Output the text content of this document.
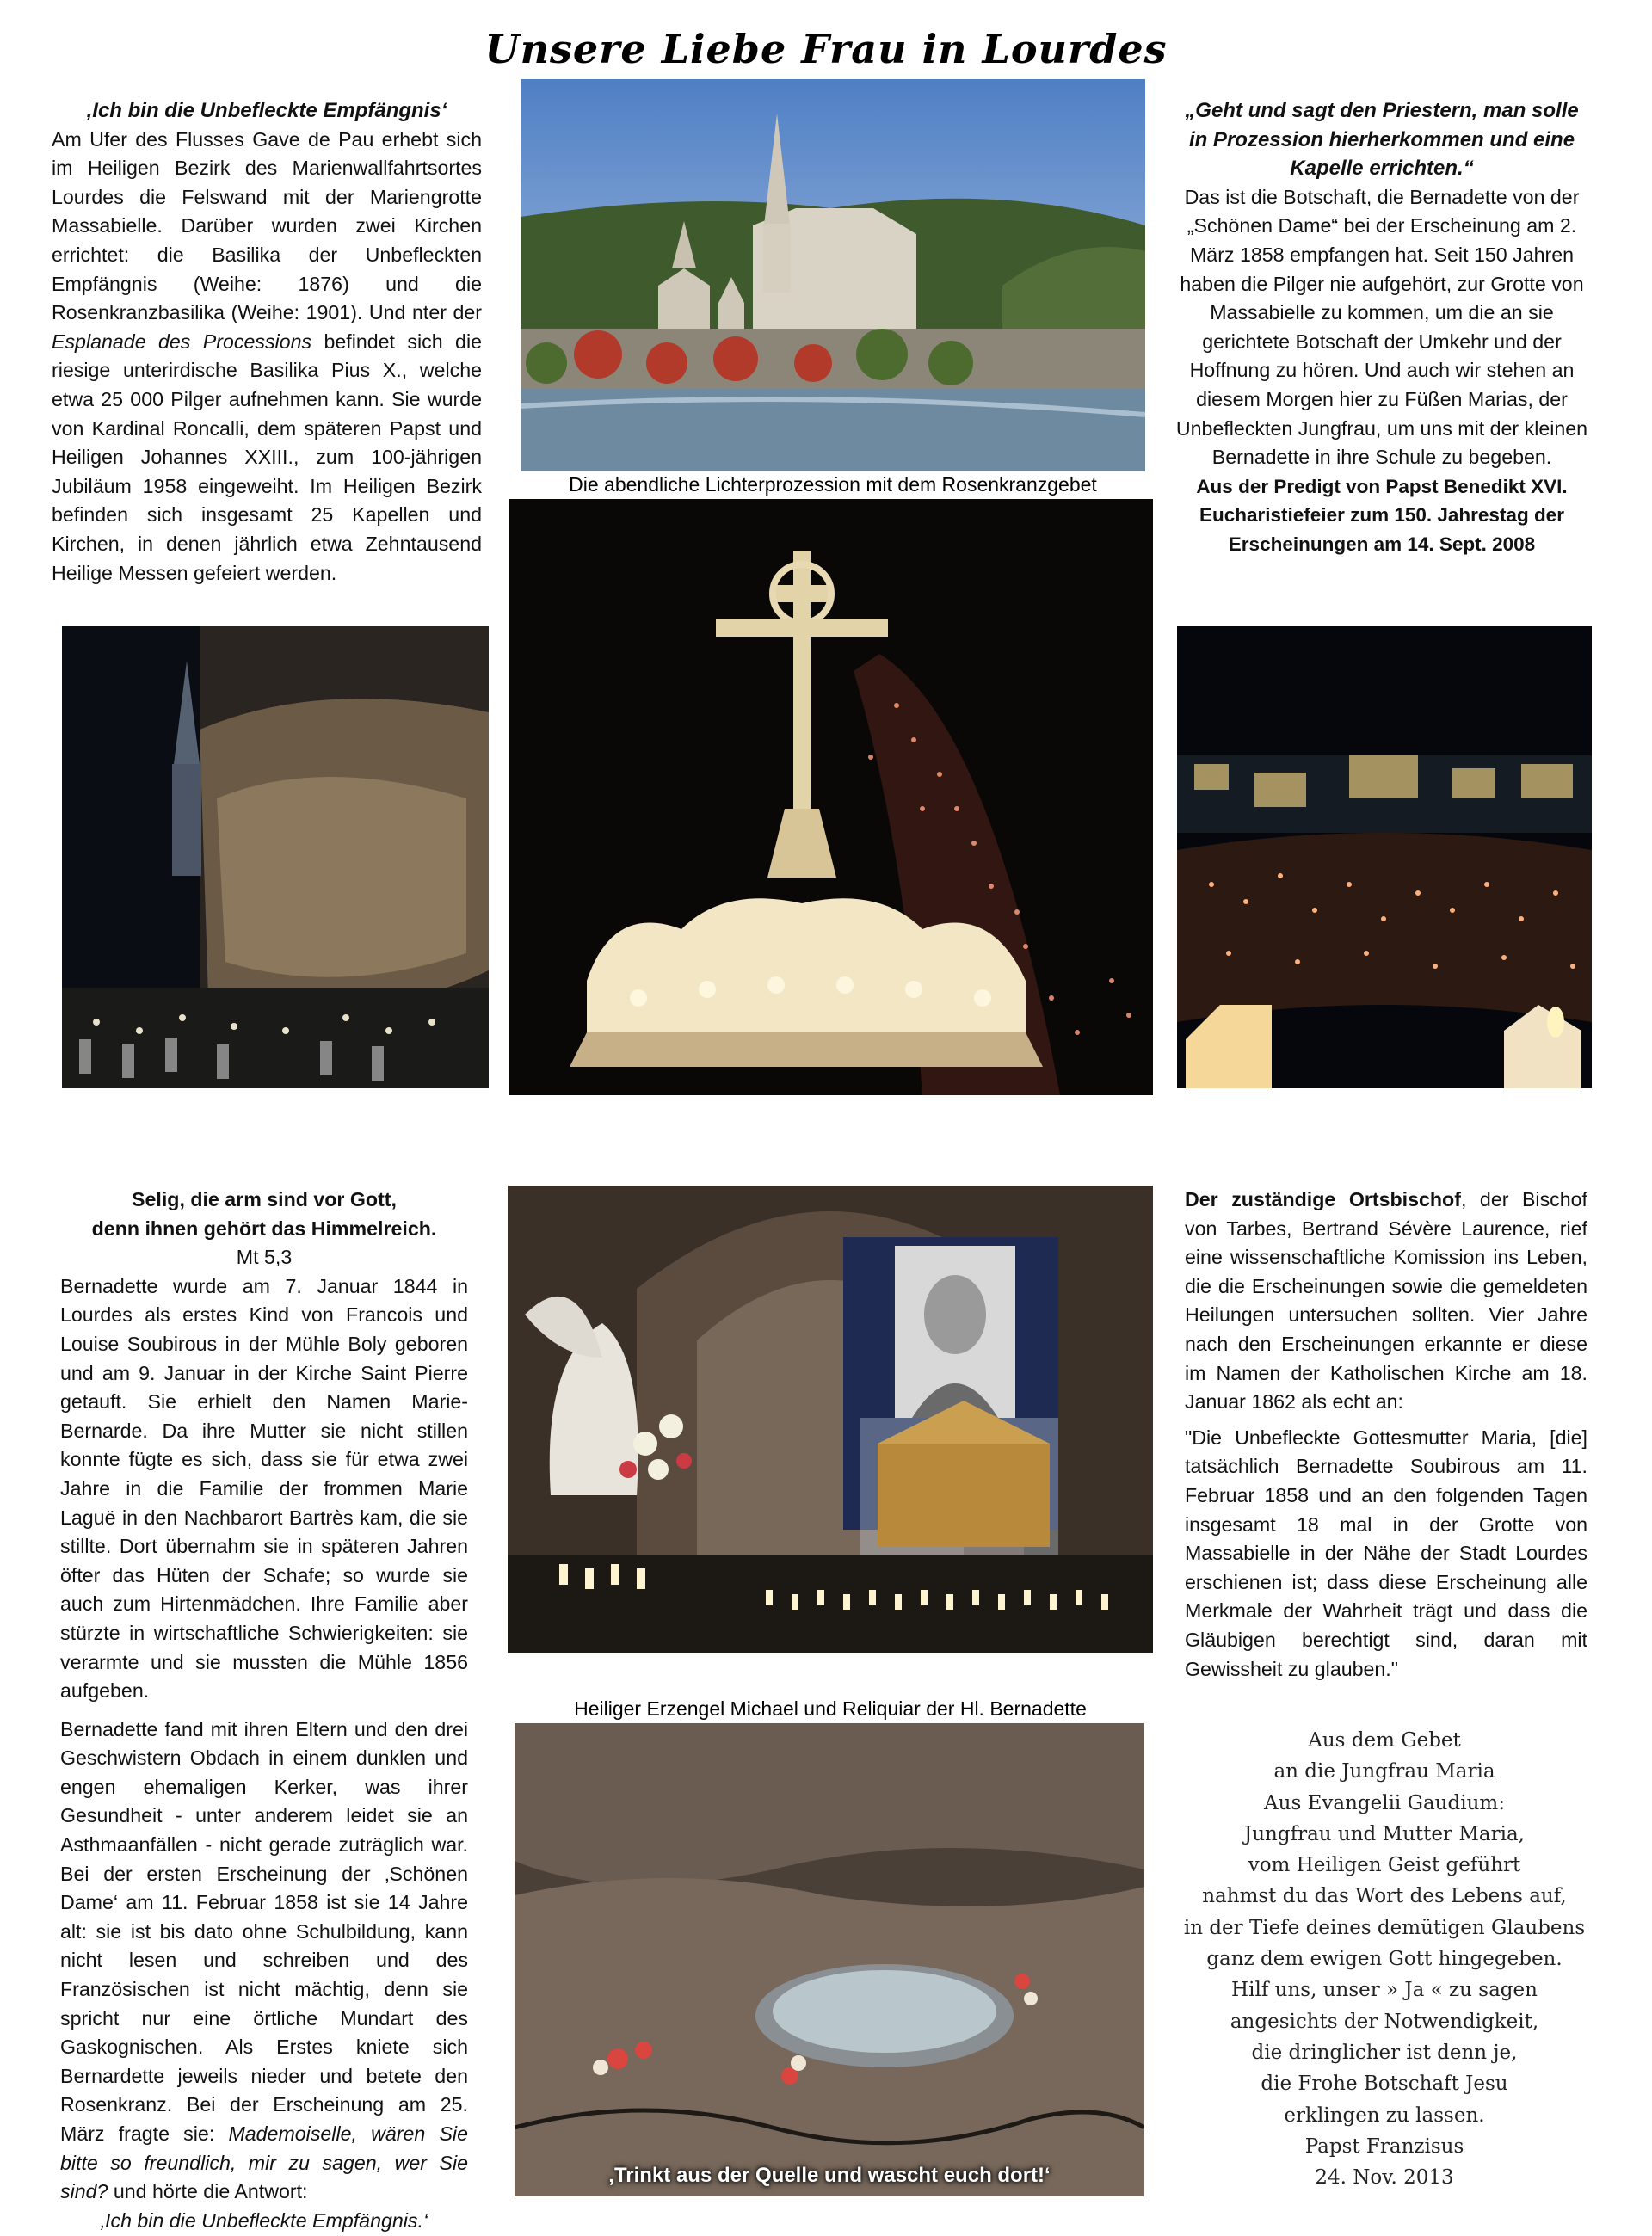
Unsere Liebe Frau in Lourdes

‚Ich bin die Unbefleckte Empfängnis‘

Am Ufer des Flusses Gave de Pau erhebt sich im Heiligen Bezirk des Marienwallfahrtsortes Lourdes die Felswand mit der Mariengrotte Massabielle. Darüber wurden zwei Kirchen errichtet: die Basilika der Unbefleckten Empfängnis (Weihe: 1876) und die Rosenkranzbasilika (Weihe: 1901). Und nter der Esplanade des Processions befindet sich die riesige unterirdische Basilika Pius X., welche etwa 25 000 Pilger aufnehmen kann. Sie wurde von Kardinal Roncalli, dem späteren Papst und Heiligen Johannes XXIII., zum 100-jährigen Jubiläum 1958 eingeweiht. Im Heiligen Bezirk befinden sich insgesamt 25 Kapellen und Kirchen, in denen jährlich etwa Zehntausend Heilige Messen gefeiert werden.

Die abendliche Lichterprozession mit dem Rosenkranzgebet

„Geht und sagt den Priestern, man solle in Prozession hierherkommen und eine Kapelle errichten.“

Das ist die Botschaft, die Bernadette von der „Schönen Dame“ bei der Erscheinung am 2. März 1858 empfangen hat. Seit 150 Jahren haben die Pilger nie aufgehört, zur Grotte von Massabielle zu kommen, um die an sie gerichtete Botschaft der Umkehr und der Hoffnung zu hören. Und auch wir stehen an diesem Morgen hier zu Füßen Marias, der Unbefleckten Jungfrau, um uns mit der kleinen Bernadette in ihre Schule zu begeben.

Aus der Predigt von Papst Benedikt XVI.

Eucharistiefeier zum 150. Jahrestag der

Erscheinungen am 14. Sept. 2008

Selig, die arm sind vor Gott,

denn ihnen gehört das Himmelreich.

Mt 5,3

Bernadette wurde am 7. Januar 1844 in Lourdes als erstes Kind von Francois und Louise Soubirous in der Mühle Boly geboren und am 9. Januar in der Kirche Saint Pierre getauft. Sie erhielt den Namen Marie-Bernarde. Da ihre Mutter sie nicht stillen konnte fügte es sich, dass sie für etwa zwei Jahre in die Familie der frommen Marie Laguë in den Nachbarort Bartrès kam, die sie stillte. Dort übernahm sie in späteren Jahren öfter das Hüten der Schafe; so wurde sie auch zum Hirtenmädchen. Ihre Familie aber stürzte in wirtschaftliche Schwierigkeiten: sie verarmte und sie mussten die Mühle 1856 aufgeben.

Bernadette fand mit ihren Eltern und den drei Geschwistern Obdach in einem dunklen und engen ehemaligen Kerker, was ihrer Gesundheit - unter anderem leidet sie an Asthmaanfällen - nicht gerade zuträglich war. Bei der ersten Erscheinung der ‚Schönen Dame‘ am 11. Februar 1858 ist sie 14 Jahre alt: sie ist bis dato ohne Schulbildung, kann nicht lesen und schreiben und des Französischen ist nicht mächtig, denn sie spricht nur eine örtliche Mundart des Gaskognischen. Als Erstes kniete sich Bernardette jeweils nieder und betete den Rosenkranz. Bei der Erscheinung am 25. März fragte sie: Mademoiselle, wären Sie bitte so freundlich, mir zu sagen, wer Sie sind? und hörte die Antwort:

‚Ich bin die Unbefleckte Empfängnis.‘

Heiliger Erzengel Michael und Reliquiar der Hl. Bernadette
‚Trinkt aus der Quelle und wascht euch dort!‘

Der zuständige Ortsbischof, der Bischof von Tarbes, Bertrand Sévère Laurence, rief eine wissenschaftliche Komission ins Leben, die die Erscheinungen sowie die gemeldeten Heilungen untersuchen sollten. Vier Jahre nach den Erscheinungen erkannte er diese im Namen der Katholischen Kirche am 18. Januar 1862 als echt an:

"Die Unbefleckte Gottesmutter Maria, [die] tatsächlich Bernadette Soubirous am 11. Februar 1858 und an den folgenden Tagen insgesamt 18 mal in der Grotte von Massabielle in der Nähe der Stadt Lourdes erschienen ist; dass diese Erscheinung alle Merkmale der Wahrheit trägt und dass die Gläubigen berechtigt sind, daran mit Gewissheit zu glauben."

Aus dem Gebet
an die Jungfrau Maria
Aus Evangelii Gaudium:
Jungfrau und Mutter Maria,
vom Heiligen Geist geführt
nahmst du das Wort des Lebens auf,
in der Tiefe deines demütigen Glaubens
ganz dem ewigen Gott hingegeben.
Hilf uns, unser » Ja « zu sagen
angesichts der Notwendigkeit,
die dringlicher ist denn je,
die Frohe Botschaft Jesu
erklingen zu lassen.
Papst Franzisus
24. Nov. 2013
